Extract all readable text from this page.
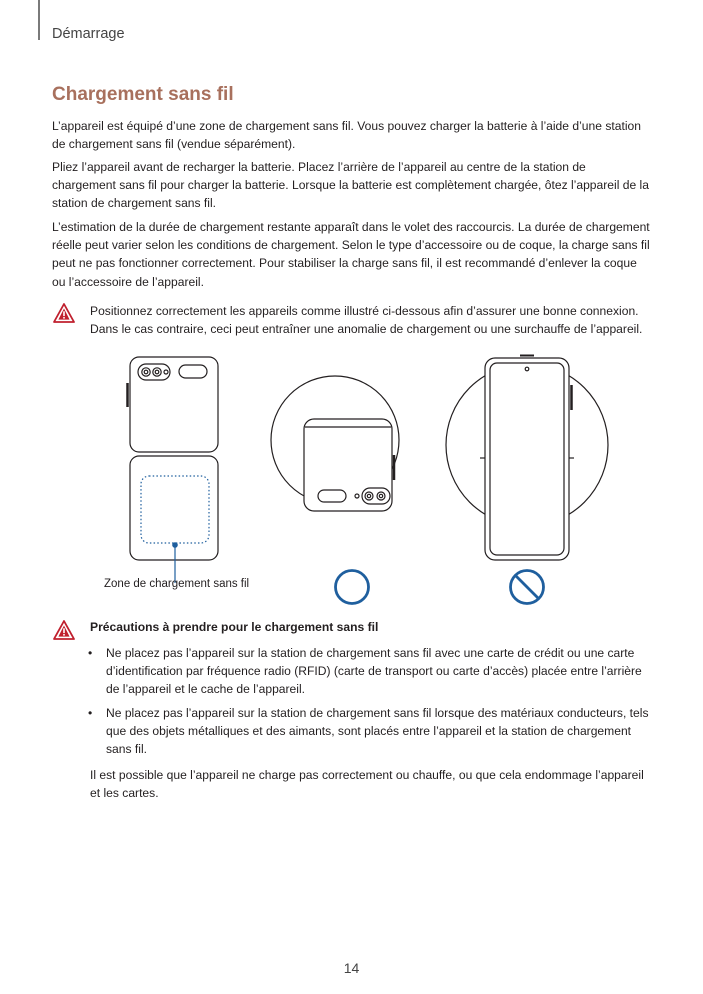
Démarrage
Chargement sans fil

L’appareil est équipé d’une zone de chargement sans fil. Vous pouvez charger la batterie à l’aide d’une station de chargement sans fil (vendue séparément).

Pliez l’appareil avant de recharger la batterie. Placez l’arrière de l’appareil au centre de la station de chargement sans fil pour charger la batterie. Lorsque la batterie est complètement chargée, ôtez l’appareil de la station de chargement sans fil.

L’estimation de la durée de chargement restante apparaît dans le volet des raccourcis. La durée de chargement réelle peut varier selon les conditions de chargement. Selon le type d’accessoire ou de coque, la charge sans fil peut ne pas fonctionner correctement. Pour stabiliser la charge sans fil, il est recommandé d’enlever la coque ou l’accessoire de l’appareil.

Positionnez correctement les appareils comme illustré ci-dessous afin d’assurer une bonne connexion. Dans le cas contraire, ceci peut entraîner une anomalie de chargement ou une surchauffe de l’appareil.

Zone de chargement sans fil
Précautions à prendre pour le chargement sans fil
• Ne placez pas l’appareil sur la station de chargement sans fil avec une carte de crédit ou une carte d’identification par fréquence radio (RFID) (carte de transport ou carte d’accès) placée entre l’arrière de l’appareil et le cache de l’appareil.
• Ne placez pas l’appareil sur la station de chargement sans fil lorsque des matériaux conducteurs, tels que des objets métalliques et des aimants, sont placés entre l’appareil et la station de chargement sans fil.

Il est possible que l’appareil ne charge pas correctement ou chauffe, ou que cela endommage l’appareil et les cartes.

14
